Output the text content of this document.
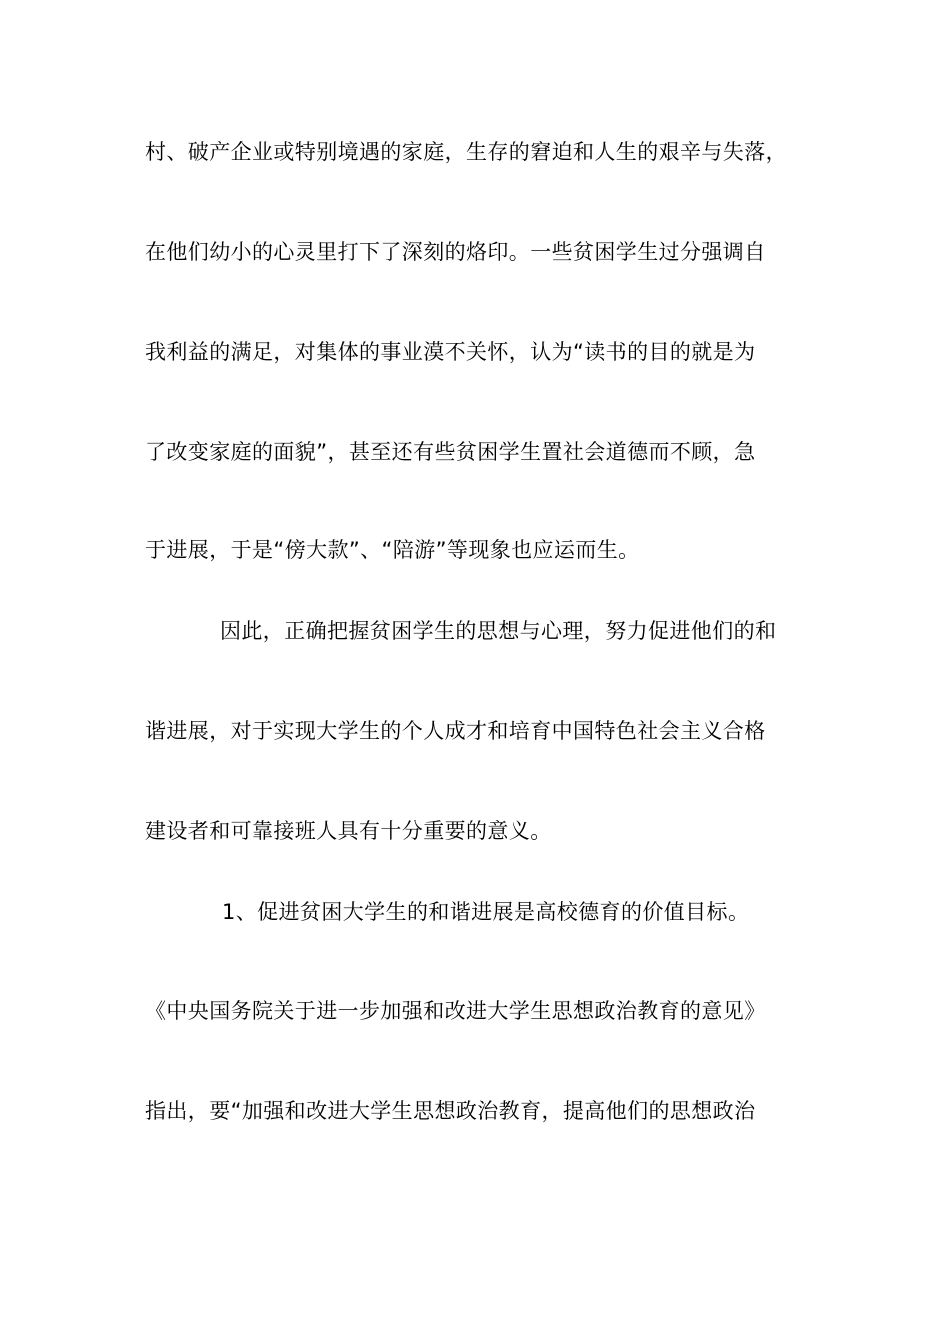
村、破产企业或特别境遇的家庭，生存的窘迫和人生的艰辛与失落，
在他们幼小的心灵里打下了深刻的烙印。一些贫困学生过分强调自
我利益的满足，对集体的事业漠不关怀，认为“读书的目的就是为
了改变家庭的面貌”，甚至还有些贫困学生置社会道德而不顾，急
于进展，于是“傍大款”、“陪游”等现象也应运而生。
因此，正确把握贫困学生的思想与心理，努力促进他们的和
谐进展，对于实现大学生的个人成才和培育中国特色社会主义合格
建设者和可靠接班人具有十分重要的意义。
1、促进贫困大学生的和谐进展是高校德育的价值目标。
《中央国务院关于进一步加强和改进大学生思想政治教育的意见》
指出，要“加强和改进大学生思想政治教育，提高他们的思想政治
